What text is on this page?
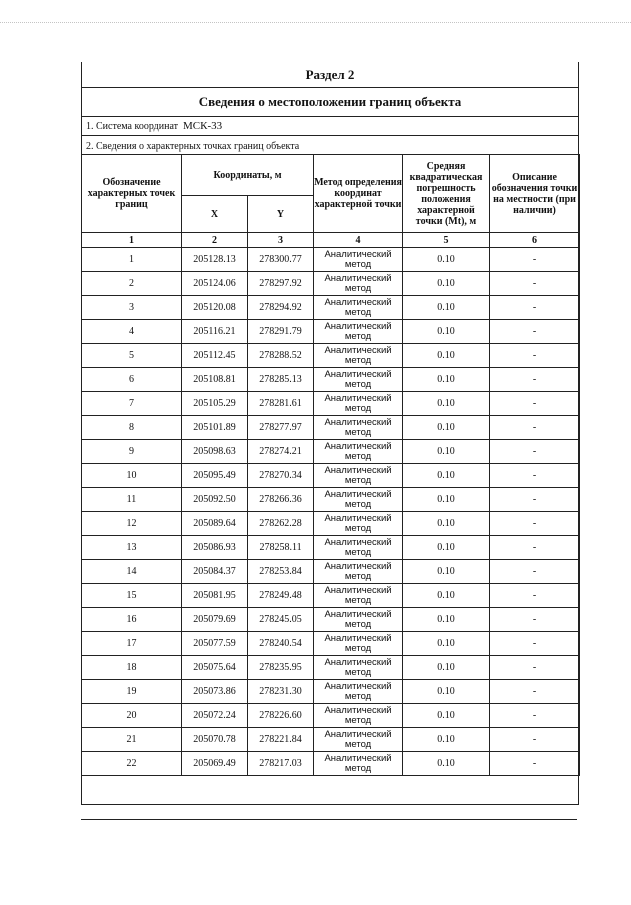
Раздел 2
Сведения о местоположении границ объекта
1. Система координат МСК-33
2. Сведения о характерных точках границ объекта
Обозначение характерных точек границ	Координаты, м		Метод определения координат характерной точки	Средняя квадратическая погрешность положения характерной точки (Mt), м	Описание обозначения точки на местности (при наличии)
	X	Y			
1	2	3	4	5	6
1	205128.13	278300.77	Аналитический метод	0.10	-
2	205124.06	278297.92	Аналитический метод	0.10	-
3	205120.08	278294.92	Аналитический метод	0.10	-
4	205116.21	278291.79	Аналитический метод	0.10	-
5	205112.45	278288.52	Аналитический метод	0.10	-
6	205108.81	278285.13	Аналитический метод	0.10	-
7	205105.29	278281.61	Аналитический метод	0.10	-
8	205101.89	278277.97	Аналитический метод	0.10	-
9	205098.63	278274.21	Аналитический метод	0.10	-
10	205095.49	278270.34	Аналитический метод	0.10	-
11	205092.50	278266.36	Аналитический метод	0.10	-
12	205089.64	278262.28	Аналитический метод	0.10	-
13	205086.93	278258.11	Аналитический метод	0.10	-
14	205084.37	278253.84	Аналитический метод	0.10	-
15	205081.95	278249.48	Аналитический метод	0.10	-
16	205079.69	278245.05	Аналитический метод	0.10	-
17	205077.59	278240.54	Аналитический метод	0.10	-
18	205075.64	278235.95	Аналитический метод	0.10	-
19	205073.86	278231.30	Аналитический метод	0.10	-
20	205072.24	278226.60	Аналитический метод	0.10	-
21	205070.78	278221.84	Аналитический метод	0.10	-
22	205069.49	278217.03	Аналитический метод	0.10	-
